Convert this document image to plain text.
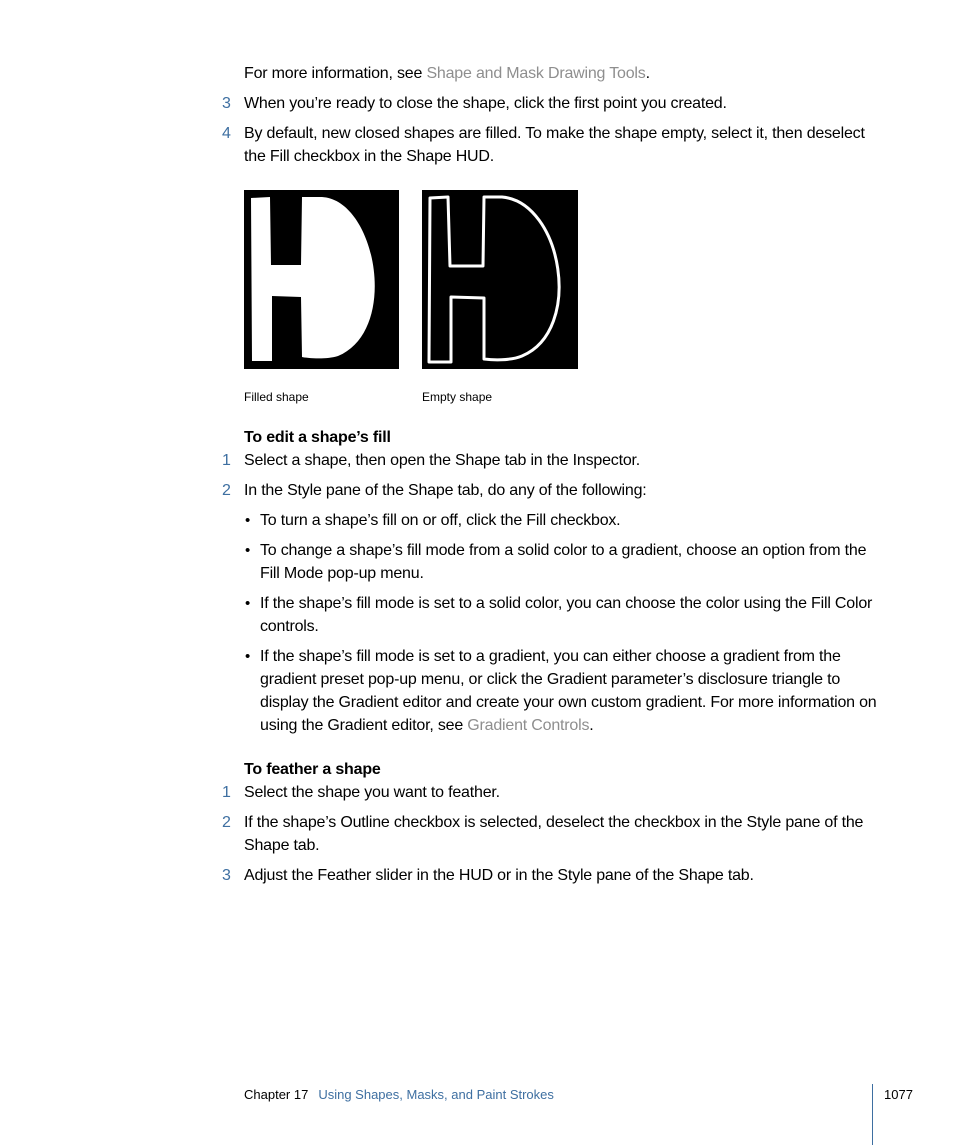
For more information, see Shape and Mask Drawing Tools.

3 When you’re ready to close the shape, click the first point you created.

4 By default, new closed shapes are filled. To make the shape empty, select it, then deselect the Fill checkbox in the Shape HUD.

Filled shape	Empty shape
To edit a shape’s fill
1 Select a shape, then open the Shape tab in the Inspector.

2 In the Style pane of the Shape tab, do any of the following:

• To turn a shape’s fill on or off, click the Fill checkbox.

• To change a shape’s fill mode from a solid color to a gradient, choose an option from the Fill Mode pop-up menu.

• If the shape’s fill mode is set to a solid color, you can choose the color using the Fill Color controls.

• If the shape’s fill mode is set to a gradient, you can either choose a gradient from the gradient preset pop-up menu, or click the Gradient parameter’s disclosure triangle to display the Gradient editor and create your own custom gradient. For more information on using the Gradient editor, see Gradient Controls.

To feather a shape
1 Select the shape you want to feather.

2 If the shape’s Outline checkbox is selected, deselect the checkbox in the Style pane of the Shape tab.

3 Adjust the Feather slider in the HUD or in the Style pane of the Shape tab.

Chapter 17 Using Shapes, Masks, and Paint Strokes	1077
